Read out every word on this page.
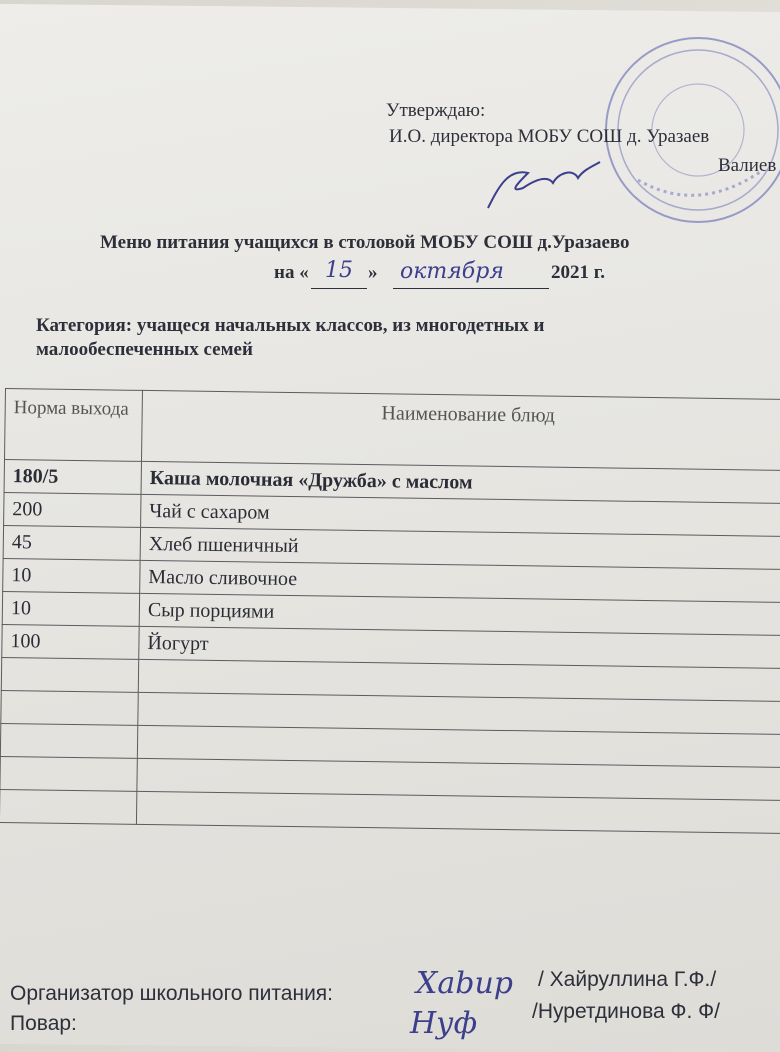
Утверждаю:
И.О. директора МОБУ СОШ д. Уразаев
Валиев
Меню питания учащихся в столовой МОБУ СОШ д.Уразаево
на « 15 » октября 2021 г.
Категория: учащеся начальных классов, из многодетных и
малообеспеченных семей
Норма выхода	Наименование блюд
180/5	Каша молочная «Дружба» с маслом
200	Чай с сахаром
45	Хлеб пшеничный
10	Масло сливочное
10	Сыр порциями
100	Йогурт

Организатор школьного питания:	Хаbир / Хайруллина Г.Ф./
Повар:	Нуф	/Нуретдинова Ф. Ф/
